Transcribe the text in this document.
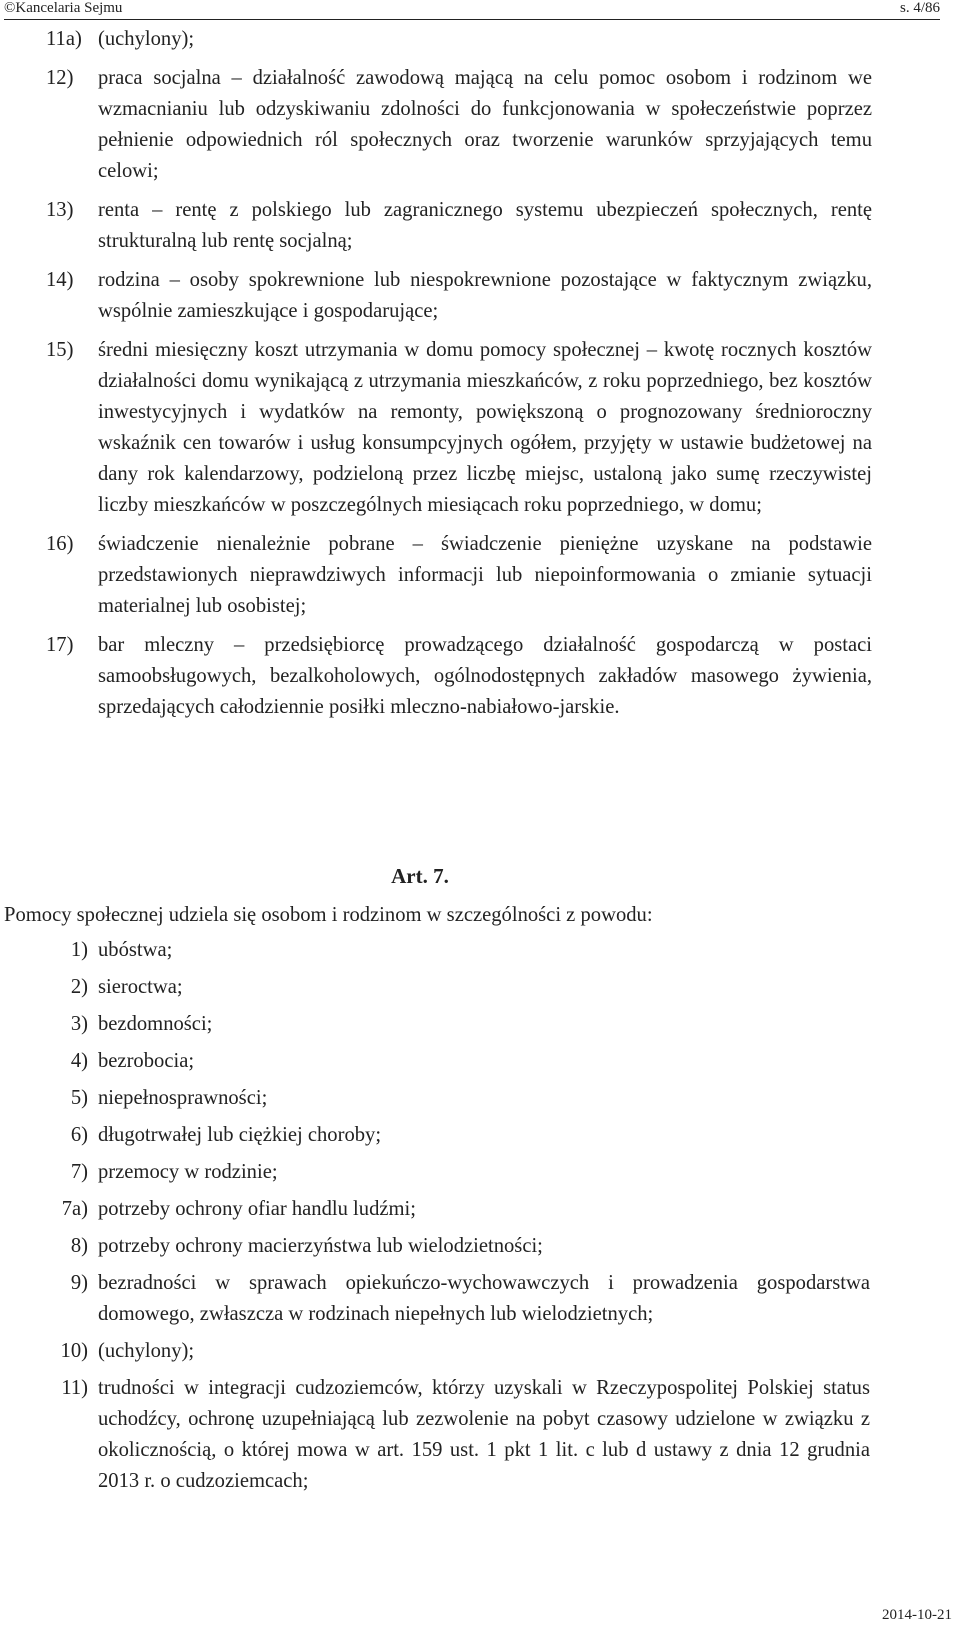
©Kancelaria Sejmu	s. 4/86
11a) (uchylony);
12) praca socjalna – działalność zawodową mającą na celu pomoc osobom i rodzinom we wzmacnianiu lub odzyskiwaniu zdolności do funkcjonowania w społeczeństwie poprzez pełnienie odpowiednich ról społecznych oraz tworzenie warunków sprzyjających temu celowi;
13) renta – rentę z polskiego lub zagranicznego systemu ubezpieczeń społecznych, rentę strukturalną lub rentę socjalną;
14) rodzina – osoby spokrewnione lub niespokrewnione pozostające w faktycznym związku, wspólnie zamieszkujące i gospodarujące;
15) średni miesięczny koszt utrzymania w domu pomocy społecznej – kwotę rocznych kosztów działalności domu wynikającą z utrzymania mieszkańców, z roku poprzedniego, bez kosztów inwestycyjnych i wydatków na remonty, powiększoną o prognozowany średnioroczny wskaźnik cen towarów i usług konsumpcyjnych ogółem, przyjęty w ustawie budżetowej na dany rok kalendarzowy, podzieloną przez liczbę miejsc, ustaloną jako sumę rzeczywistej liczby mieszkańców w poszczególnych miesiącach roku poprzedniego, w domu;
16) świadczenie nienależnie pobrane – świadczenie pieniężne uzyskane na podstawie przedstawionych nieprawdziwych informacji lub niepoinformowania o zmianie sytuacji materialnej lub osobistej;
17) bar mleczny – przedsiębiorcę prowadzącego działalność gospodarczą w postaci samoobsługowych, bezalkoholowych, ogólnodostępnych zakładów masowego żywienia, sprzedających całodziennie posiłki mleczno-nabiałowo-jarskie.
Art. 7.
Pomocy społecznej udziela się osobom i rodzinom w szczególności z powodu:
1) ubóstwa;
2) sieroctwa;
3) bezdomności;
4) bezrobocia;
5) niepełnosprawności;
6) długotrwałej lub ciężkiej choroby;
7) przemocy w rodzinie;
7a) potrzeby ochrony ofiar handlu ludźmi;
8) potrzeby ochrony macierzyństwa lub wielodzietności;
9) bezradności w sprawach opiekuńczo-wychowawczych i prowadzenia gospodarstwa domowego, zwłaszcza w rodzinach niepełnych lub wielodzietnych;
10) (uchylony);
11) trudności w integracji cudzoziemców, którzy uzyskali w Rzeczypospolitej Polskiej status uchodźcy, ochronę uzupełniającą lub zezwolenie na pobyt czasowy udzielone w związku z okolicznością, o której mowa w art. 159 ust. 1 pkt 1 lit. c lub d ustawy z dnia 12 grudnia 2013 r. o cudzoziemcach;
2014-10-21
